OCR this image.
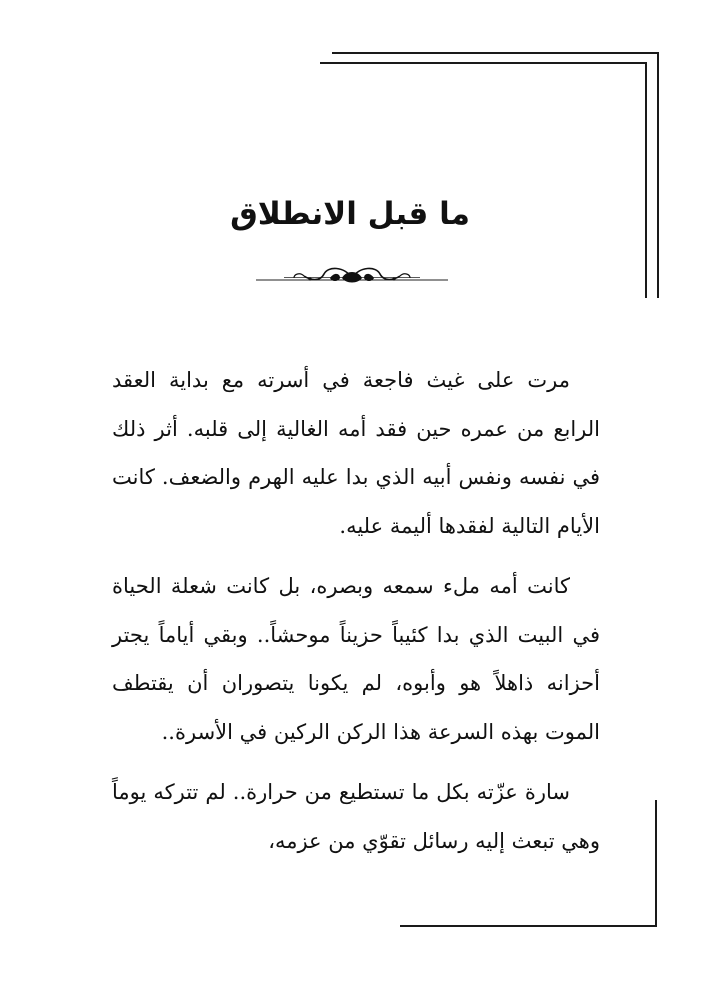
ما قبل الانطلاق

مرت على غيث فاجعة في أسرته مع بداية العقد الرابع من عمره حين فقد أمه الغالية إلى قلبه. أثر ذلك في نفسه ونفس أبيه الذي بدا عليه الهرم والضعف. كانت الأيام التالية لفقدها أليمة عليه.

كانت أمه ملء سمعه وبصره، بل كانت شعلة الحياة في البيت الذي بدا كئيباً حزيناً موحشاً.. وبقي أياماً يجتر أحزانه ذاهلاً هو وأبوه، لم يكونا يتصوران أن يقتطف الموت بهذه السرعة هذا الركن الركين في الأسرة..

سارة عزّته بكل ما تستطيع من حرارة.. لم تتركه يوماً وهي تبعث إليه رسائل تقوّي من عزمه،
